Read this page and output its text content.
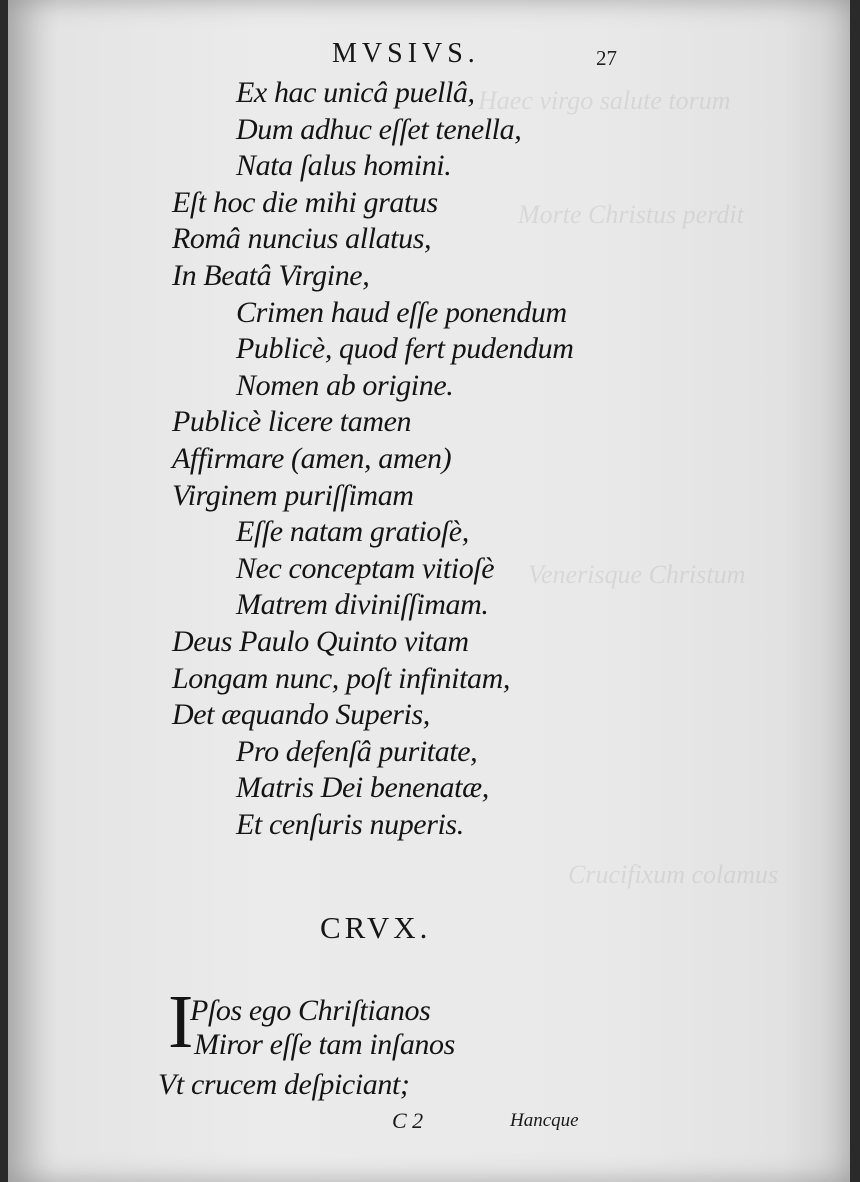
Haec virgo salute torum
Morte Christus perdit
Venerisque Christum
Crucifixum colamus
MVSIVS.	27
Ex hac unicâ puellâ,
Dum adhuc eſſet tenella,
Nata ſalus homini.
Eſt hoc die mihi gratus
Româ nuncius allatus,
In Beatâ Virgine,
Crimen haud eſſe ponendum
Publicè, quod fert pudendum
Nomen ab origine.
Publicè licere tamen
Affirmare (amen, amen)
Virginem puriſſimam
Eſſe natam gratioſè,
Nec conceptam vitioſè
Matrem diviniſſimam.
Deus Paulo Quinto vitam
Longam nunc, poſt infinitam,
Det æquando Superis,
Pro defenſâ puritate,
Matris Dei benenatæ,
Et cenſuris nuperis.
CRVX.
I
Pſos ego Chriſtianos
Miror eſſe tam inſanos
Vt crucem deſpiciant;
C 2	Hancque
